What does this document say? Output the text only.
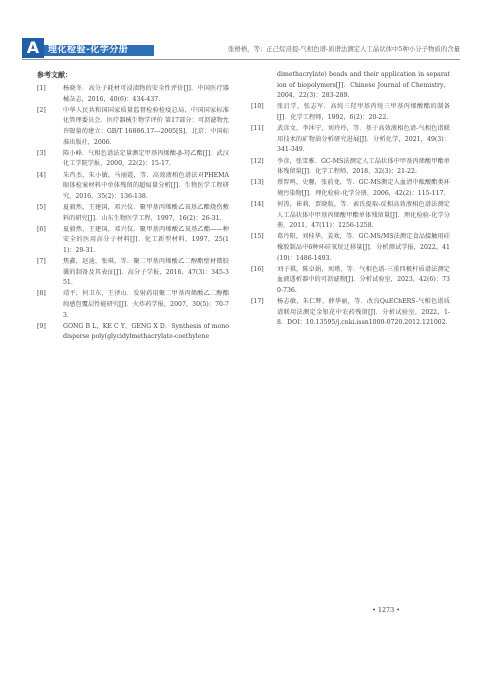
理化检验-化学分册
A	张梧梧，等：正己烷浸提-气相色谱-质谱法测定人工晶状体中5种小分子物质的含量
参考文献：
[1]	杨晓冬．高分子耗材可浸渍物的安全性评价[J]．中国医疗器械杂志，2016，40(6)：434-437.
[2]	中华人民共和国国家质量监督检验检疫总局，中国国家标准化管理委员会．医疗器械生物学评价 第17部分：可沥滤物允许限量的建立：GB/T 16886.17—2005[S]．北京：中国标准出版社，2006.
[3]	陈小峰．气相色谱法定量测定甲基丙烯酸-β-羟乙酯[J]．武汉化工学院学报，2000，22(2)：15-17.
[4]	朱肖杰，朱小敏，马丽霞，等．高效液相色谱法对PHEMA眼体检案材料中单体残留的超痕量分析[J]．生物医学工程研究，2016，35(2)：136-138.
[5]	夏毅然，王建国，邓兴仪．聚甲基丙烯酸乙氧基乙酯烧伤敷料的研究[J]．山东生物医学工程，1997，16(2)：26-31.
[6]	夏毅然，王建国，邓兴仪．聚甲基丙烯酸乙氧基乙酯——种安全的医用高分子材料[J]．化工新型材料，1997，25(11)：29-31.
[7]	焦鑫，赵迪，张琪，等．聚二甲基丙烯酸乙二醇酯壁材微胶囊的制备及其表征[J]．高分子学报，2016，47(3)：345-351.
[8]	靖平，何卫东，王泽山．发射药用聚二甲基丙烯酸乙二醇酯纯感包覆层性能研究[J]．火炸药学报，2007，30(5)：70-73.
[9]	GONG B L，KE C Y，GENG X D．Synthesis of monodisperse poly(glycidylmethacrylate-coethylene
dimethacrylate) beads and their application in separation of biopolymers[J]．Chinese Journal of Chemistry，2004，22(3)：283-289.
[10]	张启学，张志军．高纯三羟甲基丙烷三甲基丙烯酸酯的制备[J]．化学工程师，1992，6(2)：20-22.
[11]	武彦文，李沐宁，刘玲玲，等．基于高效液相色谱-气相色谱联用技术的矿物油分析研究进展[J]．分析化学，2021，49(3)：341-349.
[12]	李彦，张雪雅．GC-MS法测定人工晶状体中甲基丙烯酸甲酯单体残留量[J]．化学工程师，2018，32(3)：21-22.
[13]	蔡智鸣，史馨，张前龙，等．GC-MS测定人血清中酞酸酯类环境污染物[J]．理化检验-化学分册，2006，42(2)：115-117.
[14]	何涛，崔莉，贾晓航，等．索氏提取-反相高效液相色谱法测定人工晶状体中甲基丙烯酸甲酯单体残留量[J]．理化检验-化学分册，2011，47(11)：1256-1258.
[15]	葛丹阳，刘桂华，姜欢，等．GC-MS/MS法测定食品接触用硅橡胶制品中6种环硅氧烷迁移量[J]．分析测试学报，2022，41(10)：1486-1493.
[16]	刘子祺，陈卓娟，刘瑾，等．气相色谱-三重四极杆质谱法测定血液透析器中的可沥滤物[J]．分析试验室，2023，42(6)：730-736.
[17]	杨志敏，朱仁辉，薛华丽，等．改良QuEChERS-气相色谱质谱联用法测定金银花中农药残留[J]．分析试验室，2022，1-8．DOI：10.13595/j.cnki.issn1000-0720.2012.121002.
• 1273 •
